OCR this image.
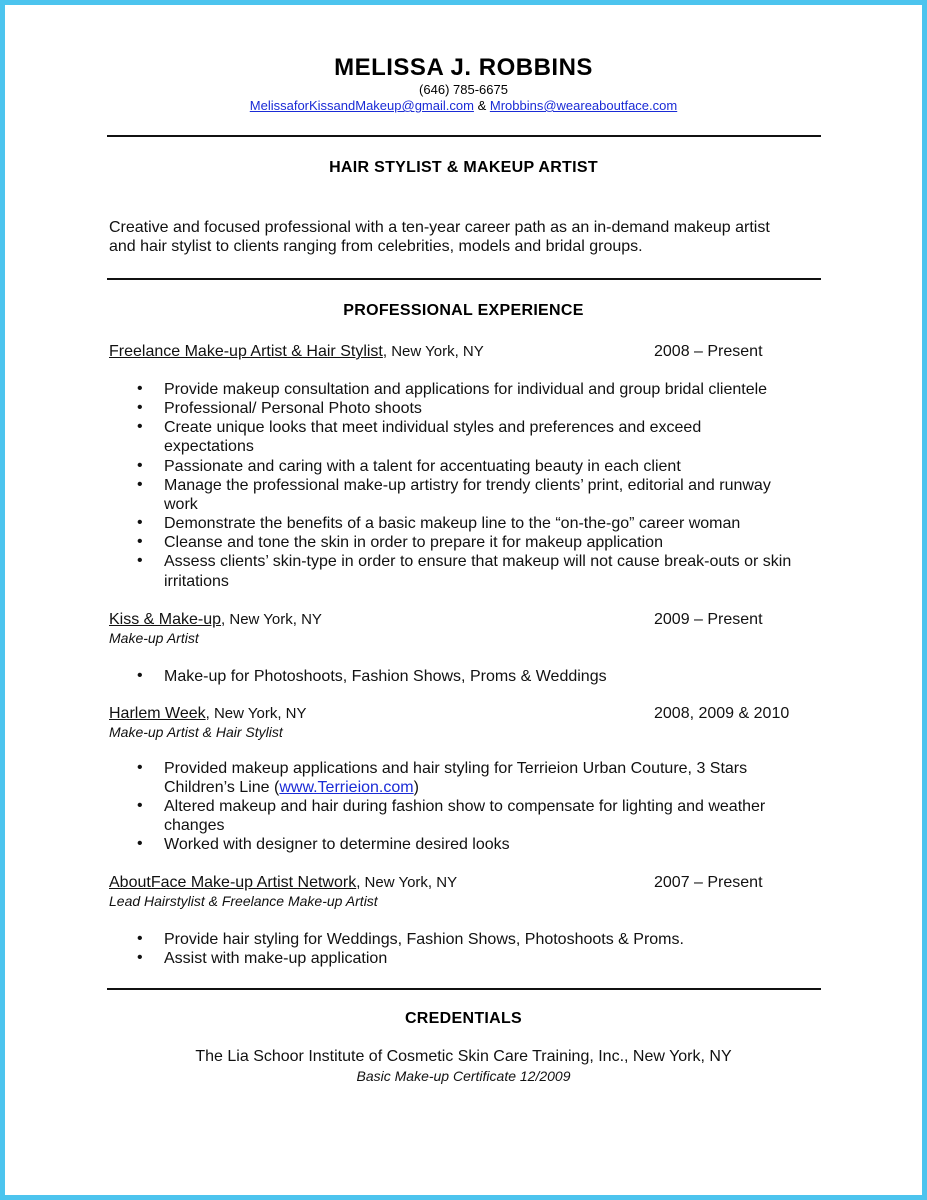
MELISSA J. ROBBINS
(646) 785-6675
MelissaforKissandMakeup@gmail.com & Mrobbins@weareaboutface.com
HAIR STYLIST & MAKEUP ARTIST
Creative and focused professional with a ten-year career path as an in-demand makeup artist
and hair stylist to clients ranging from celebrities, models and bridal groups.
PROFESSIONAL EXPERIENCE
Freelance Make-up Artist & Hair Stylist, New York, NY	2008 – Present
• Provide makeup consultation and applications for individual and group bridal clientele
• Professional/ Personal Photo shoots
• Create unique looks that meet individual styles and preferences and exceed
expectations
• Passionate and caring with a talent for accentuating beauty in each client
• Manage the professional make-up artistry for trendy clients’ print, editorial and runway
work
• Demonstrate the benefits of a basic makeup line to the “on-the-go” career woman
• Cleanse and tone the skin in order to prepare it for makeup application
• Assess clients’ skin-type in order to ensure that makeup will not cause break-outs or skin
irritations
Kiss & Make-up, New York, NY	2009 – Present
Make-up Artist
• Make-up for Photoshoots, Fashion Shows, Proms & Weddings
Harlem Week, New York, NY	2008, 2009 & 2010
Make-up Artist & Hair Stylist
• Provided makeup applications and hair styling for Terrieion Urban Couture, 3 Stars
Children’s Line (www.Terrieion.com)
• Altered makeup and hair during fashion show to compensate for lighting and weather
changes
• Worked with designer to determine desired looks
AboutFace Make-up Artist Network, New York, NY	2007 – Present
Lead Hairstylist & Freelance Make-up Artist
• Provide hair styling for Weddings, Fashion Shows, Photoshoots & Proms.
• Assist with make-up application
CREDENTIALS
The Lia Schoor Institute of Cosmetic Skin Care Training, Inc., New York, NY
Basic Make-up Certificate 12/2009
